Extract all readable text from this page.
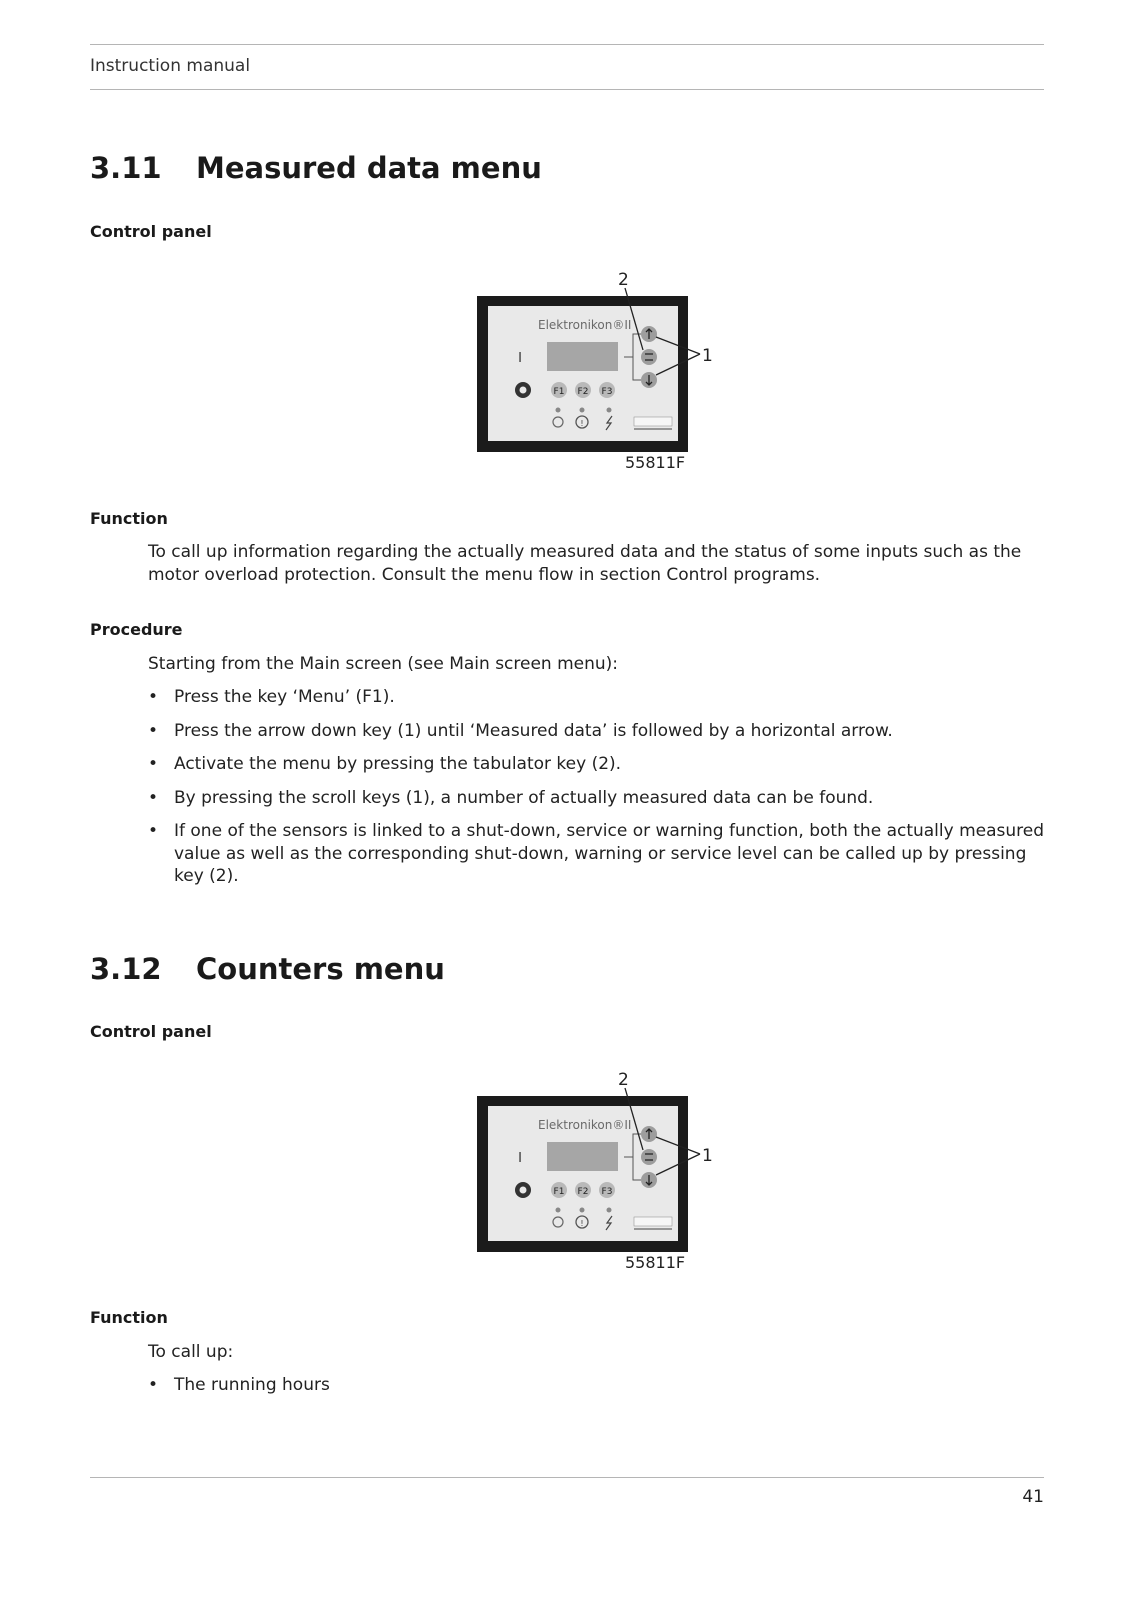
Instruction manual
3.11 Measured data menu
Control panel
Elektronikon®II
I
F1 F2 F3
!
2
1
55811F
Function
To call up information regarding the actually measured data and the status of some inputs such as the motor overload protection. Consult the menu flow in section Control programs.
Procedure
Starting from the Main screen (see Main screen menu):
• Press the key ‘Menu’ (F1).
• Press the arrow down key (1) until ‘Measured data’ is followed by a horizontal arrow.
• Activate the menu by pressing the tabulator key (2).
• By pressing the scroll keys (1), a number of actually measured data can be found.
• If one of the sensors is linked to a shut-down, service or warning function, both the actually measured value as well as the corresponding shut-down, warning or service level can be called up by pressing key (2).
3.12 Counters menu
Control panel
Elektronikon®II
I
F1 F2 F3
!
2
1
55811F
Function
To call up:
• The running hours
41
